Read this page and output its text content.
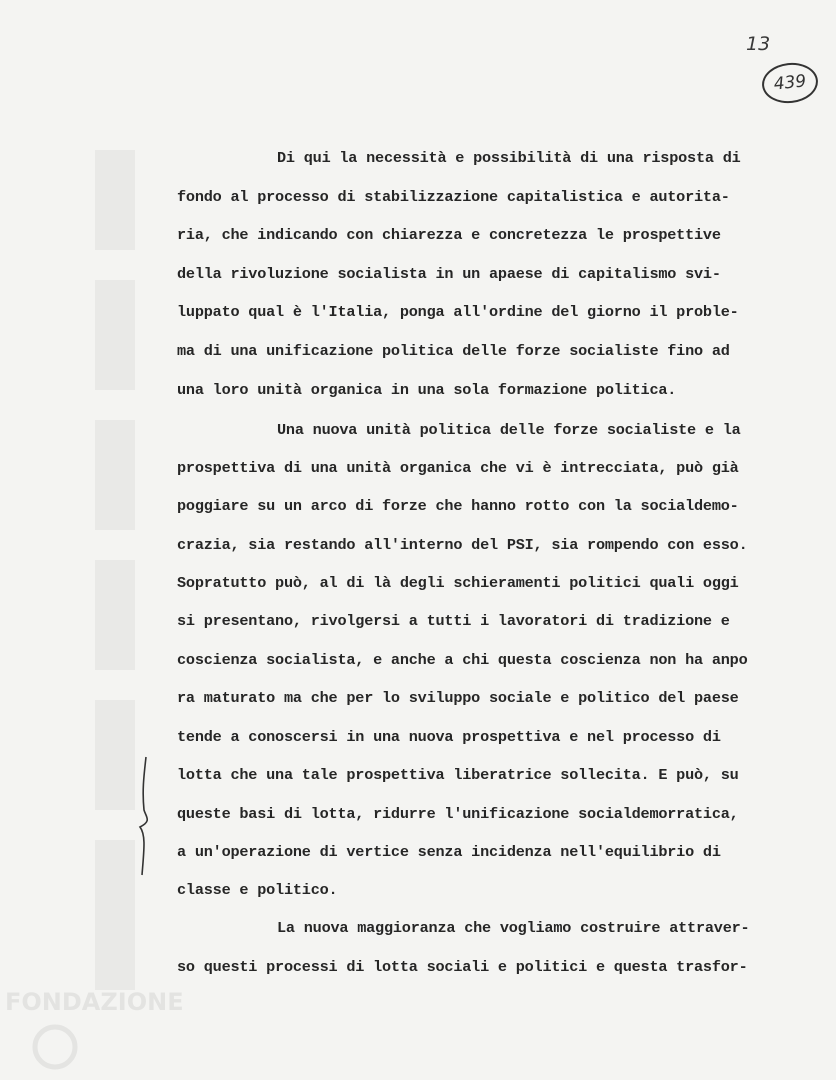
FONDAZIONE
13
439
Di qui la necessità e possibilità di una risposta di
fondo al processo di stabilizzazione capitalistica e autorita-
ria, che indicando con chiarezza e concretezza le prospettive
della rivoluzione socialista in un apaese di capitalismo svi-
luppato qual è l'Italia, ponga all'ordine del giorno il proble-
ma di una unificazione politica delle forze socialiste fino ad
una loro unità organica in una sola formazione politica.
Una nuova unità politica delle forze socialiste e la
prospettiva di una unità organica che vi è intrecciata, può già
poggiare su un arco di forze che hanno rotto con la socialdemo-
crazia, sia restando all'interno del PSI, sia rompendo con esso.
Sopratutto può, al di là degli schieramenti politici quali oggi
si presentano, rivolgersi a tutti i lavoratori di tradizione e
coscienza socialista, e anche a chi questa coscienza non ha anpo
ra maturato ma che per lo sviluppo sociale e politico del paese
tende a conoscersi in una nuova prospettiva e nel processo di
lotta che una tale prospettiva liberatrice sollecita. E può, su
queste basi di lotta, ridurre l'unificazione socialdemorratica,
a un'operazione di vertice senza incidenza nell'equilibrio di
classe e politico.
La nuova maggioranza che vogliamo costruire attraver-
so questi processi di lotta sociali e politici e questa trasfor-
